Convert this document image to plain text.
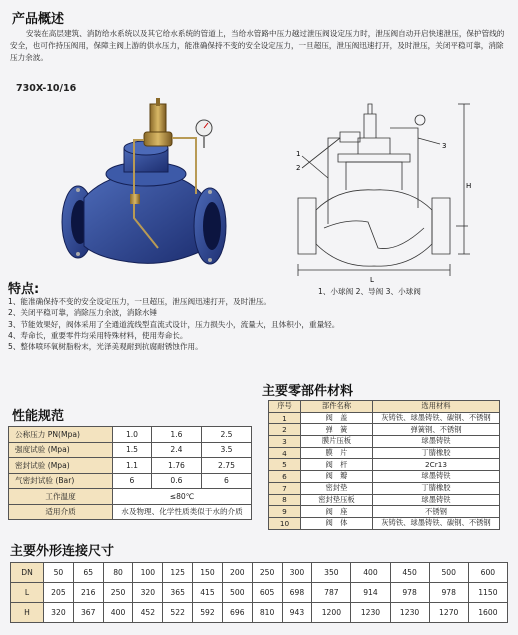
产品概述
安装在高层建筑、消防给水系统以及其它给水系统的管道上，当给水管路中压力越过泄压阀设定压力时，泄压阀自动开启快速泄压，保护管线的安全，也可作持压阀用，保障主阀上游的供水压力，能准确保持不变的安全设定压力，一旦超压，泄压阀迅速打开，及时泄压，关闭平稳可靠，消除压力余波。
730X-10/16
1
2
3
L
H
1、小球阀 2、导阀 3、小球阀
特点:
1、能准确保持不变的安全设定压力，一旦超压，泄压阀迅速打开，及时泄压。
2、关闭平稳可靠，消除压力余波，消除水锤
3、节能效果好，阀体采用了全通道流线型直流式设计，压力损失小，流量大，且体积小，重量轻。
4、寿命长，重要零件均采用特殊材料，使用寿命长。
5、整体喷环氧树脂粉末，光泽美观耐到抗腐耐锈蚀作用。
性能规范
公称压力 PN(Mpa)	1.0	1.6	2.5
强度试验 (Mpa)	1.5	2.4	3.5
密封试验 (Mpa)	1.1	1.76	2.75
气密封试验 (Bar)	6	0.6	6
工作温度	≤80℃		
适用介质	水及物理、化学性质类似于水的介质		
主要零部件材料
序号	部件名称	选用材料
1	阀　盖	灰铸铁、球墨铸铁、碳钢、不锈钢
2	弹　簧	弹簧钢、不锈钢
3	膜片压板	球墨铸铁
4	膜　片	丁腈橡胶
5	阀　杆	2Cr13
6	阀　瓣	球墨铸铁
7	密封垫	丁腈橡胶
8	密封垫压板	球墨铸铁
9	阀　座	不锈钢
10	阀　体	灰铸铁、球墨铸铁、碳钢、不锈钢
主要外形连接尺寸
DN	50	65	80	100	125	150	200	250	300	350	400	450	500	600
L	205	216	250	320	365	415	500	605	698	787	914	978	978	1150
H	320	367	400	452	522	592	696	810	943	1200	1230	1230	1270	1600
